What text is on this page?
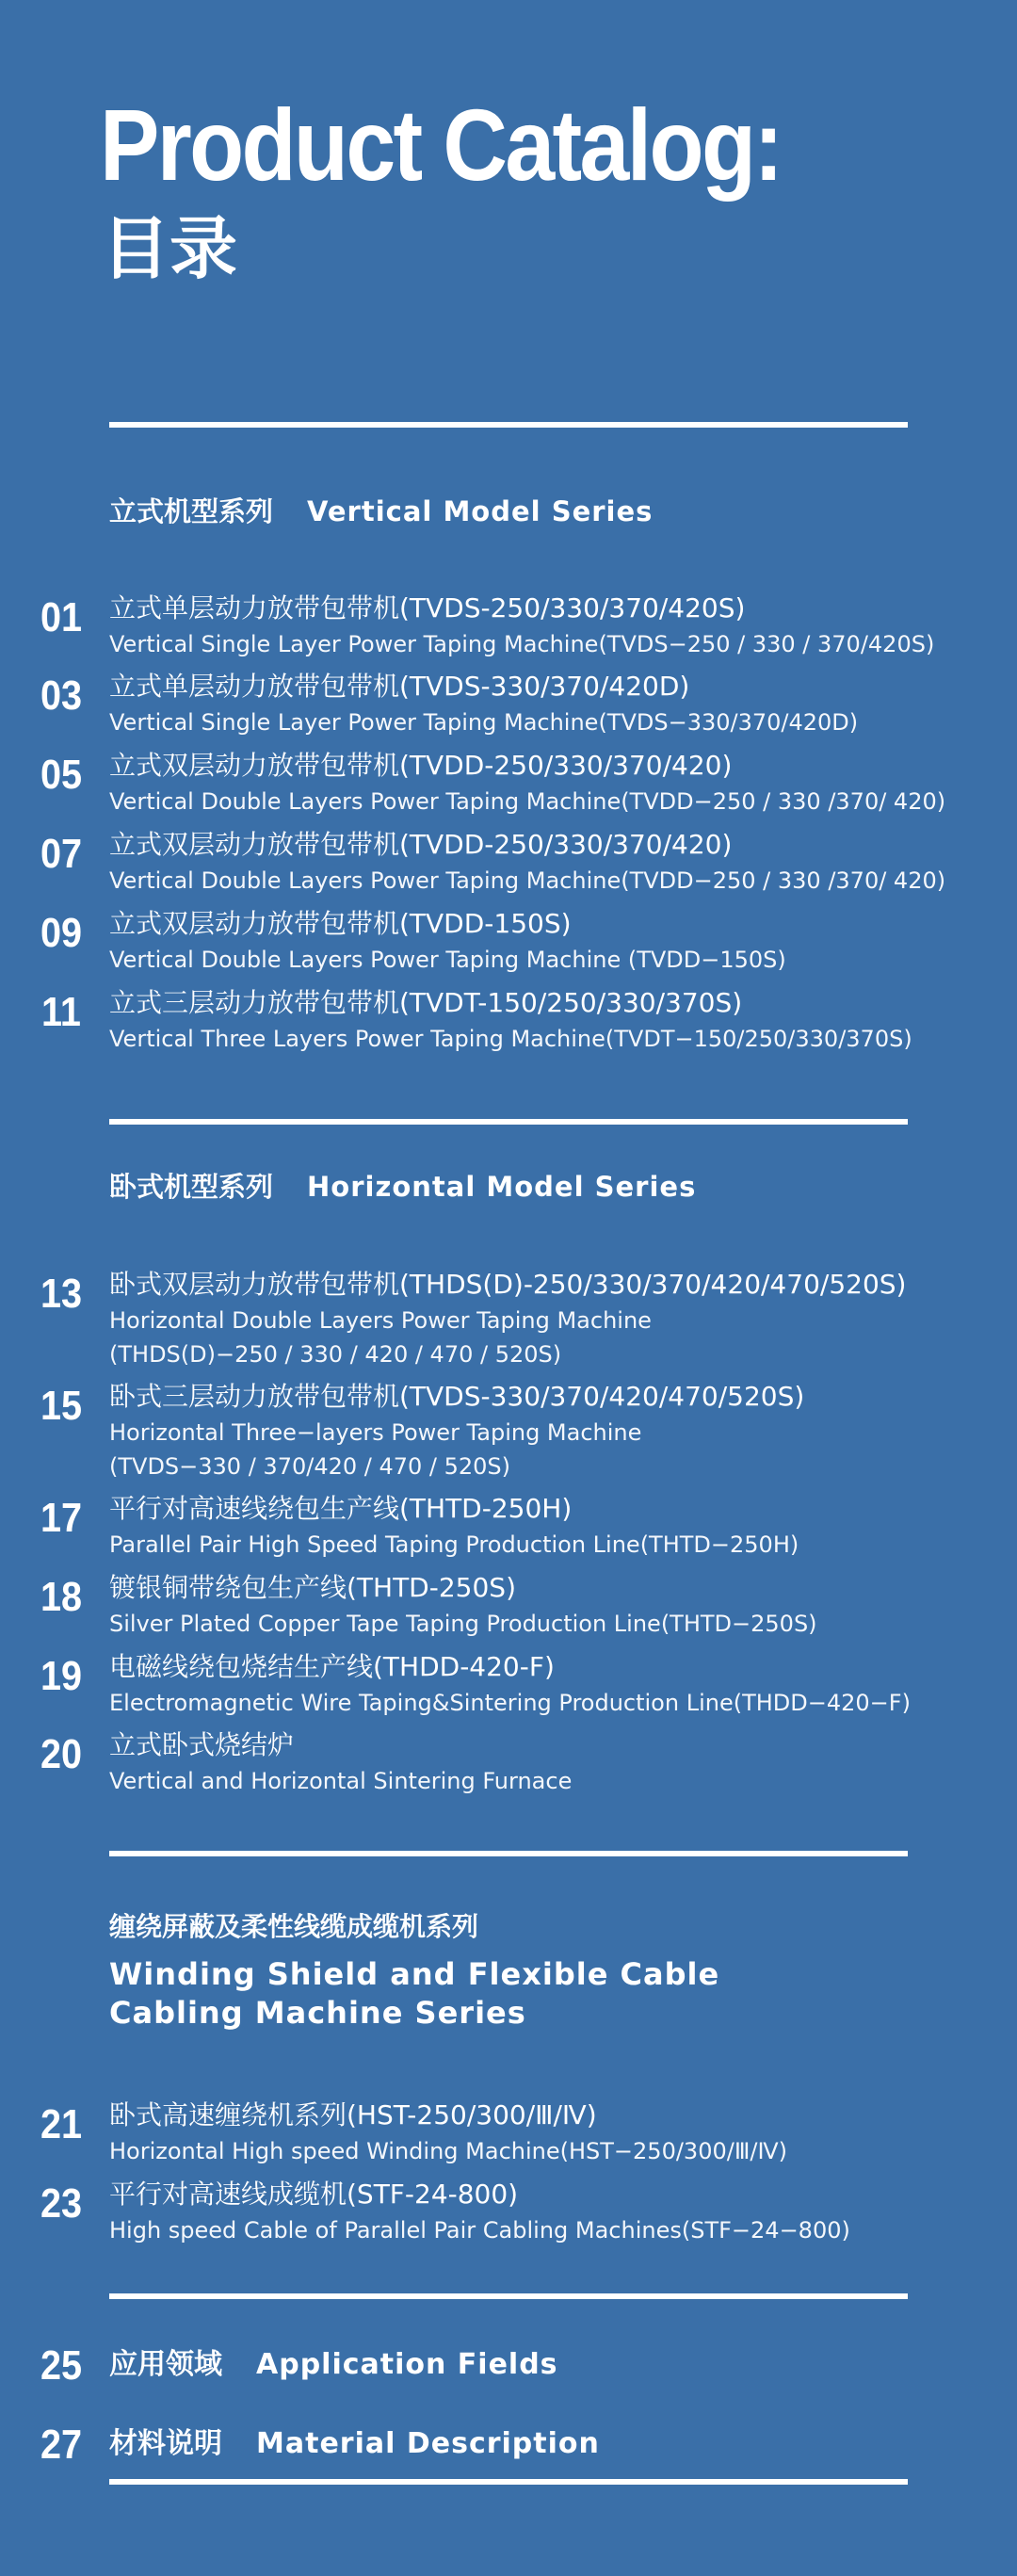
Product Catalog:
目录
立式机型系列 Vertical Model Series
01	立式单层动力放带包带机(TVDS-250/330/370/420S)
Vertical Single Layer Power Taping Machine(TVDS−250 / 330 / 370/420S)
03	立式单层动力放带包带机(TVDS-330/370/420D)
Vertical Single Layer Power Taping Machine(TVDS−330/370/420D)
05	立式双层动力放带包带机(TVDD-250/330/370/420)
Vertical Double Layers Power Taping Machine(TVDD−250 / 330 /370/ 420)
07	立式双层动力放带包带机(TVDD-250/330/370/420)
Vertical Double Layers Power Taping Machine(TVDD−250 / 330 /370/ 420)
09	立式双层动力放带包带机(TVDD-150S)
Vertical Double Layers Power Taping Machine (TVDD−150S)
11	立式三层动力放带包带机(TVDT-150/250/330/370S)
Vertical Three Layers Power Taping Machine(TVDT−150/250/330/370S)
卧式机型系列 Horizontal Model Series
13	卧式双层动力放带包带机(THDS(D)-250/330/370/420/470/520S)
Horizontal Double Layers Power Taping Machine
(THDS(D)−250 / 330 / 420 / 470 / 520S)
15	卧式三层动力放带包带机(TVDS-330/370/420/470/520S)
Horizontal Three−layers Power Taping Machine
(TVDS−330 / 370/420 / 470 / 520S)
17	平行对高速线绕包生产线(THTD-250H)
Parallel Pair High Speed Taping Production Line(THTD−250H)
18	镀银铜带绕包生产线(THTD-250S)
Silver Plated Copper Tape Taping Production Line(THTD−250S)
19	电磁线绕包烧结生产线(THDD-420-F)
Electromagnetic Wire Taping&Sintering Production Line(THDD−420−F)
20	立式卧式烧结炉
Vertical and Horizontal Sintering Furnace
缠绕屏蔽及柔性线缆成缆机系列
Winding Shield and Flexible Cable
Cabling Machine Series
21	卧式高速缠绕机系列(HST-250/300/Ⅲ/Ⅳ)
Horizontal High speed Winding Machine(HST−250/300/Ⅲ/Ⅳ)
23	平行对高速线成缆机(STF-24-800)
High speed Cable of Parallel Pair Cabling Machines(STF−24−800)
25 应用领域 Application Fields
27 材料说明 Material Description
